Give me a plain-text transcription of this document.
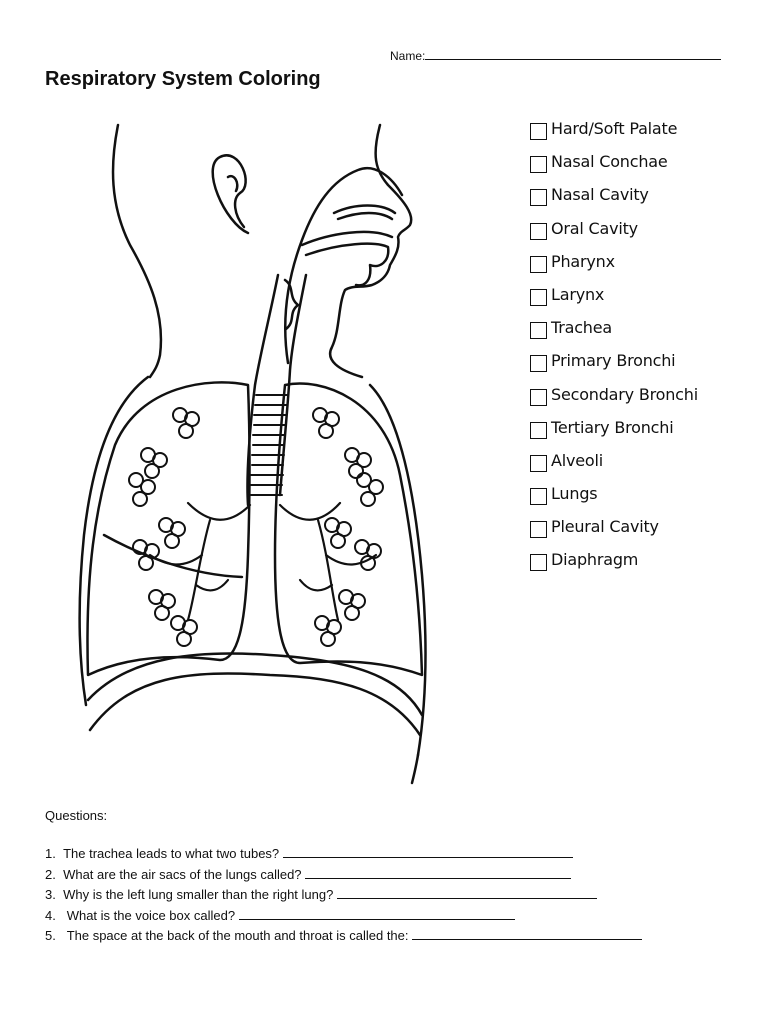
Name:
Respiratory System Coloring
Hard/Soft Palate
Nasal Conchae
Nasal Cavity
Oral Cavity
Pharynx
Larynx
Trachea
Primary Bronchi
Secondary Bronchi
Tertiary Bronchi
Alveoli
Lungs
Pleural Cavity
Diaphragm
Questions:
1. The trachea leads to what two tubes?
2. What are the air sacs of the lungs called?
3. Why is the left lung smaller than the right lung?
4. What is the voice box called?
5. The space at the back of the mouth and throat is called the:
